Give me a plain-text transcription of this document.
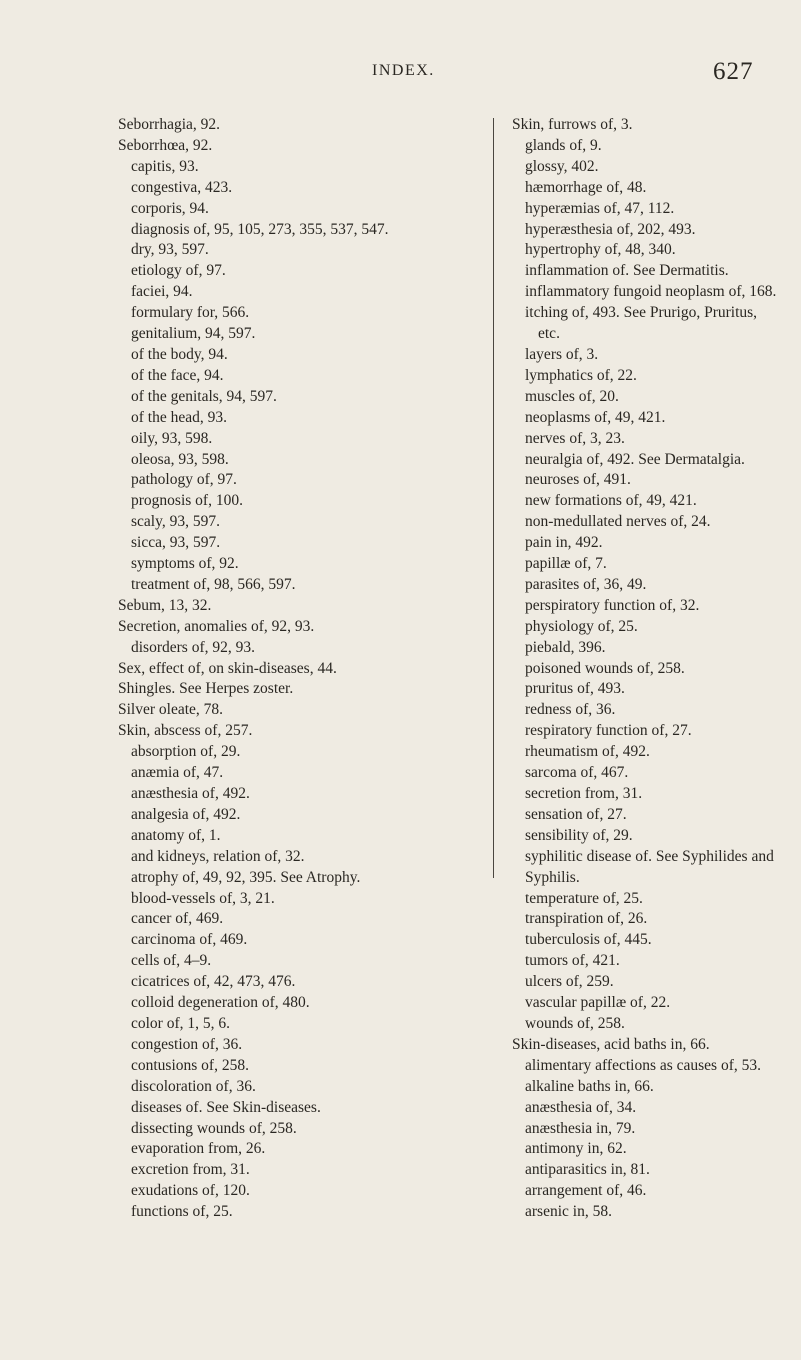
INDEX.	627
Seborrhagia, 92.
Seborrhœa, 92.
capitis, 93.
congestiva, 423.
corporis, 94.
diagnosis of, 95, 105, 273, 355, 537, 547.
dry, 93, 597.
etiology of, 97.
faciei, 94.
formulary for, 566.
genitalium, 94, 597.
of the body, 94.
of the face, 94.
of the genitals, 94, 597.
of the head, 93.
oily, 93, 598.
oleosa, 93, 598.
pathology of, 97.
prognosis of, 100.
scaly, 93, 597.
sicca, 93, 597.
symptoms of, 92.
treatment of, 98, 566, 597.
Sebum, 13, 32.
Secretion, anomalies of, 92, 93.
disorders of, 92, 93.
Sex, effect of, on skin-diseases, 44.
Shingles. See Herpes zoster.
Silver oleate, 78.
Skin, abscess of, 257.
absorption of, 29.
anæmia of, 47.
anæsthesia of, 492.
analgesia of, 492.
anatomy of, 1.
and kidneys, relation of, 32.
atrophy of, 49, 92, 395. See Atrophy.
blood-vessels of, 3, 21.
cancer of, 469.
carcinoma of, 469.
cells of, 4–9.
cicatrices of, 42, 473, 476.
colloid degeneration of, 480.
color of, 1, 5, 6.
congestion of, 36.
contusions of, 258.
discoloration of, 36.
diseases of. See Skin-diseases.
dissecting wounds of, 258.
evaporation from, 26.
excretion from, 31.
exudations of, 120.
functions of, 25.
Skin, furrows of, 3.
glands of, 9.
glossy, 402.
hæmorrhage of, 48.
hyperæmias of, 47, 112.
hyperæsthesia of, 202, 493.
hypertrophy of, 48, 340.
inflammation of. See Dermatitis.
inflammatory fungoid neoplasm of, 168.
itching of, 493. See Prurigo, Pruritus,
etc.
layers of, 3.
lymphatics of, 22.
muscles of, 20.
neoplasms of, 49, 421.
nerves of, 3, 23.
neuralgia of, 492. See Dermatalgia.
neuroses of, 491.
new formations of, 49, 421.
non-medullated nerves of, 24.
pain in, 492.
papillæ of, 7.
parasites of, 36, 49.
perspiratory function of, 32.
physiology of, 25.
piebald, 396.
poisoned wounds of, 258.
pruritus of, 493.
redness of, 36.
respiratory function of, 27.
rheumatism of, 492.
sarcoma of, 467.
secretion from, 31.
sensation of, 27.
sensibility of, 29.
syphilitic disease of. See Syphilides and
Syphilis.
temperature of, 25.
transpiration of, 26.
tuberculosis of, 445.
tumors of, 421.
ulcers of, 259.
vascular papillæ of, 22.
wounds of, 258.
Skin-diseases, acid baths in, 66.
alimentary affections as causes of, 53.
alkaline baths in, 66.
anæsthesia of, 34.
anæsthesia in, 79.
antimony in, 62.
antiparasitics in, 81.
arrangement of, 46.
arsenic in, 58.
